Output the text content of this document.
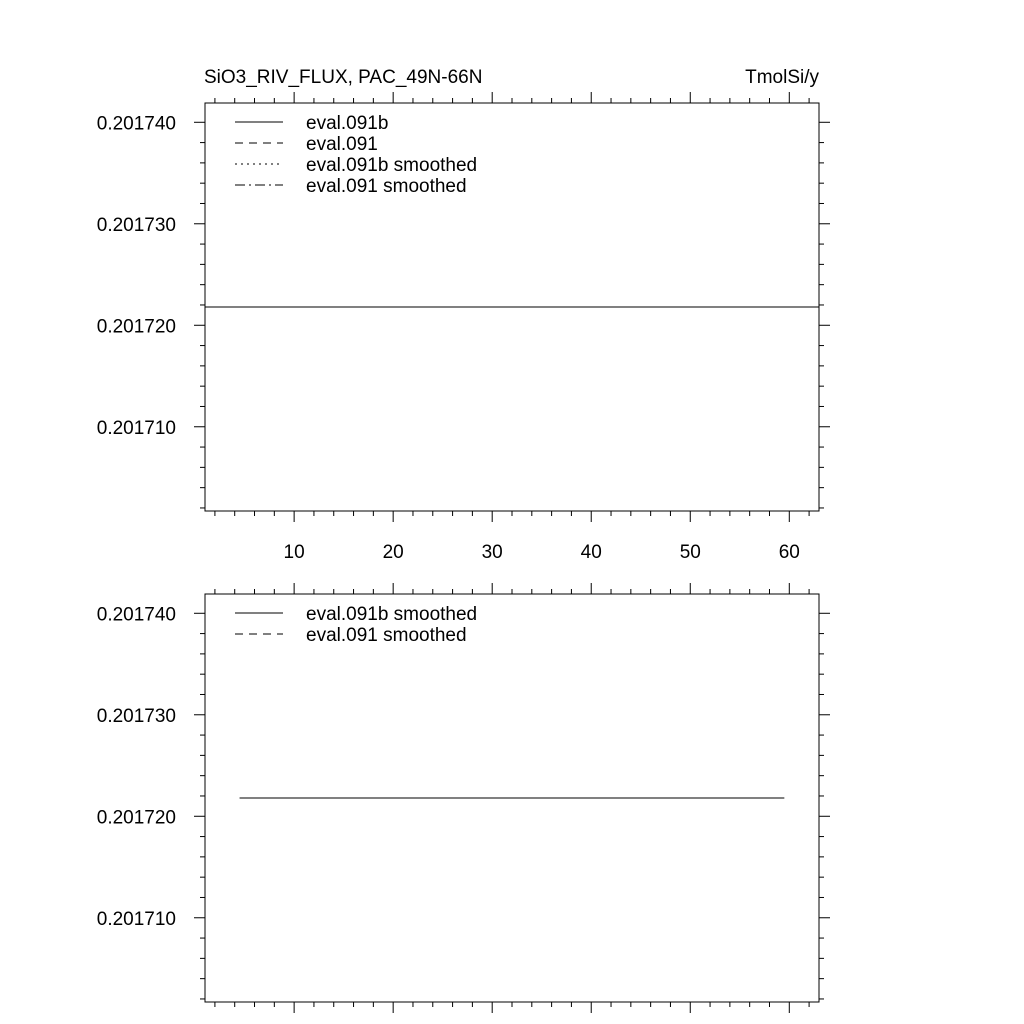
SiO3_RIV_FLUX, PAC_49N-66N	TmolSi/y
10	20	30	40	50	60
0.201710
0.201720
0.201730
0.201740	eval.091b
eval.091
eval.091b smoothed
eval.091 smoothed
0.201710
0.201720
0.201730
0.201740	eval.091b smoothed
eval.091 smoothed
